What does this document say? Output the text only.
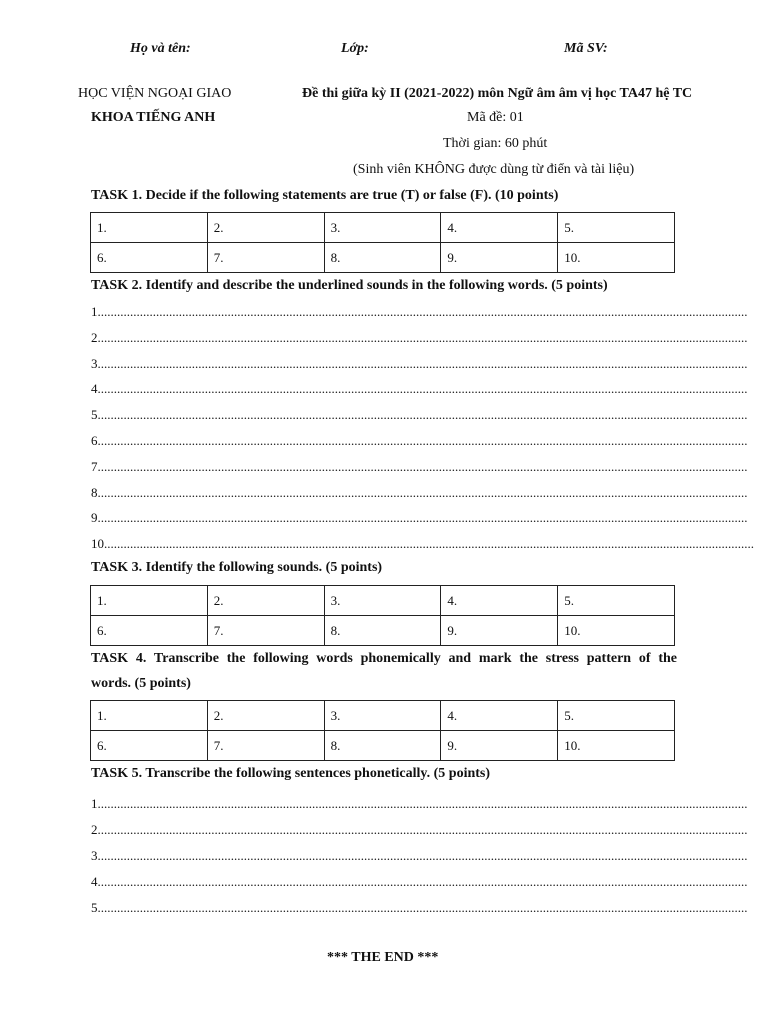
Họ và tên:	Lớp:	Mã SV:
HỌC VIỆN NGOẠI GIAO
KHOA TIẾNG ANH
Đề thi giữa kỳ II (2021-2022) môn Ngữ âm âm vị học TA47 hệ TC
Mã đề: 01
Thời gian: 60 phút
(Sinh viên KHÔNG được dùng từ điển và tài liệu)
TASK 1. Decide if the following statements are true (T) or false (F). (10 points)
1.	2.	3.	4.	5.
6.	7.	8.	9.	10.
TASK 2. Identify and describe the underlined sounds in the following words. (5 points)
1........................................................................................................................................................................................................
2........................................................................................................................................................................................................
3........................................................................................................................................................................................................
4........................................................................................................................................................................................................
5........................................................................................................................................................................................................
6........................................................................................................................................................................................................
7........................................................................................................................................................................................................
8........................................................................................................................................................................................................
9........................................................................................................................................................................................................
10........................................................................................................................................................................................................
TASK 3. Identify the following sounds. (5 points)
1.	2.	3.	4.	5.
6.	7.	8.	9.	10.
TASK 4. Transcribe the following words phonemically and mark the stress pattern of the
words. (5 points)
1.	2.	3.	4.	5.
6.	7.	8.	9.	10.
TASK 5. Transcribe the following sentences phonetically. (5 points)
1........................................................................................................................................................................................................
2........................................................................................................................................................................................................
3........................................................................................................................................................................................................
4........................................................................................................................................................................................................
5........................................................................................................................................................................................................
*** THE END ***
